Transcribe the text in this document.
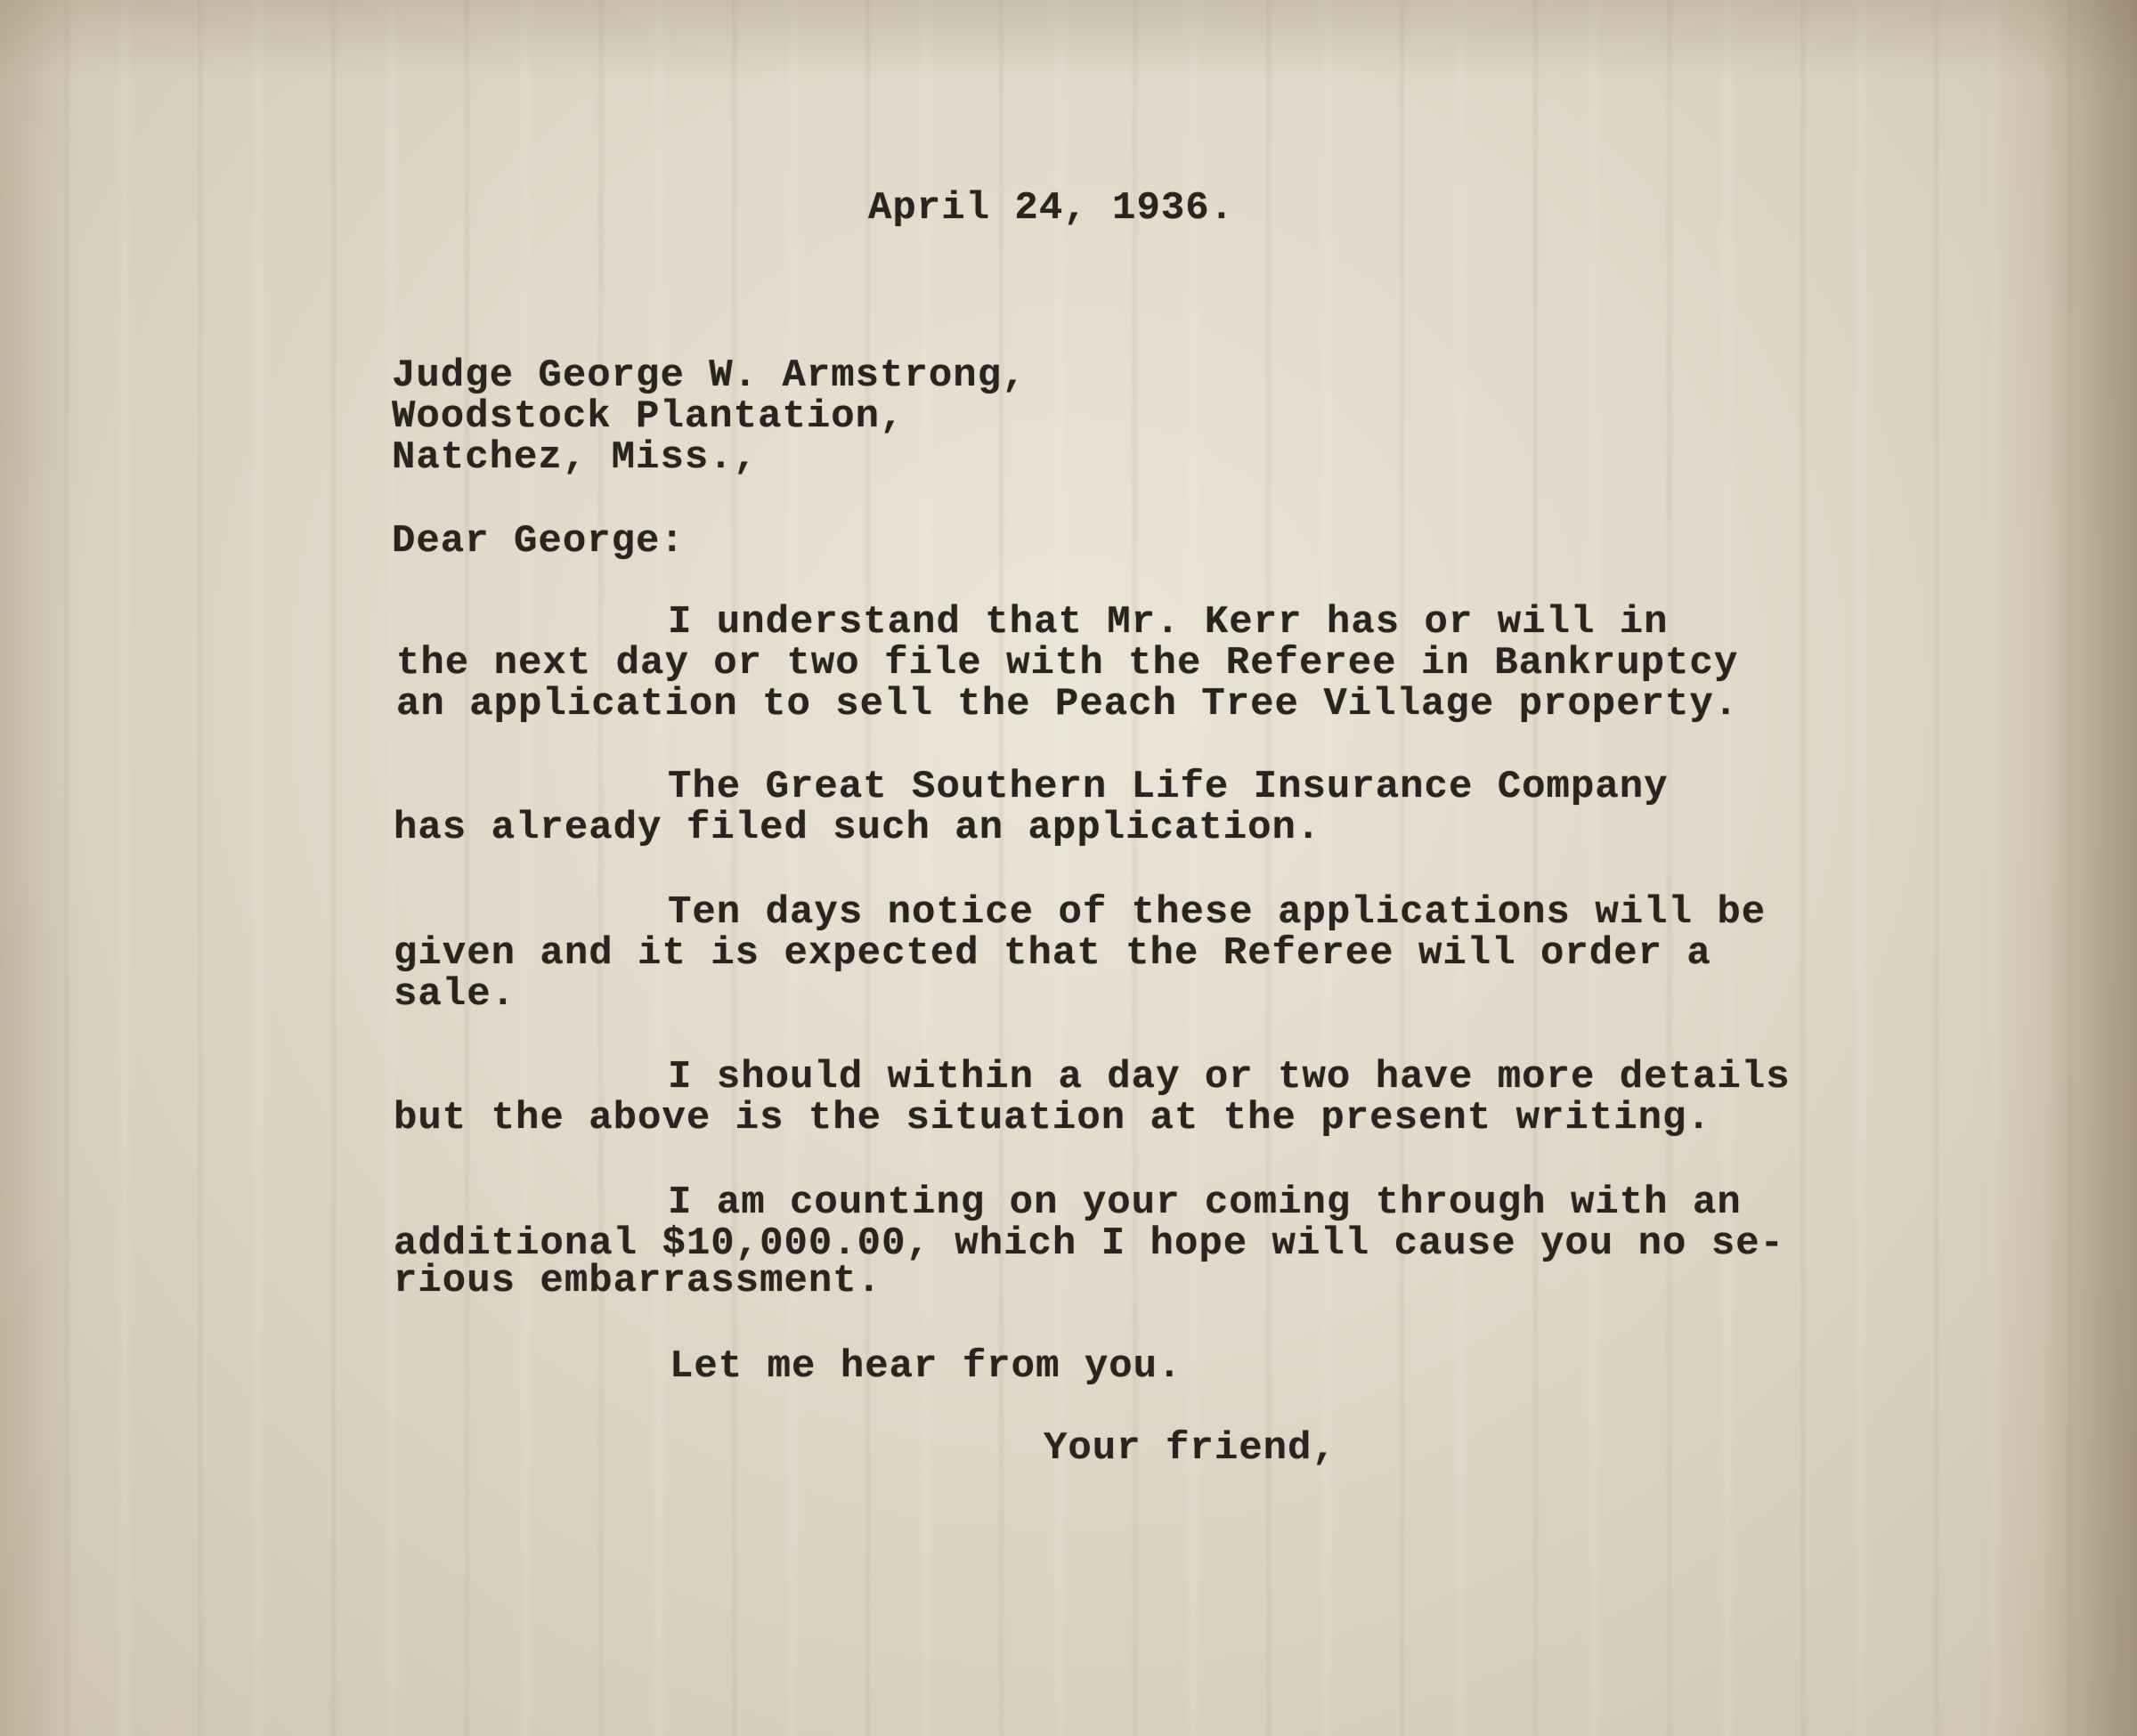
April 24, 1936.
Judge George W. Armstrong,
Woodstock Plantation,
Natchez, Miss.,
Dear George:
I understand that Mr. Kerr has or will in
the next day or two file with the Referee in Bankruptcy
an application to sell the Peach Tree Village property.
The Great Southern Life Insurance Company
has already filed such an application.
Ten days notice of these applications will be
given and it is expected that the Referee will order a
sale.
I should within a day or two have more details
but the above is the situation at the present writing.
I am counting on your coming through with an
additional $10,000.00, which I hope will cause you no se-
rious embarrassment.
Let me hear from you.
Your friend,
